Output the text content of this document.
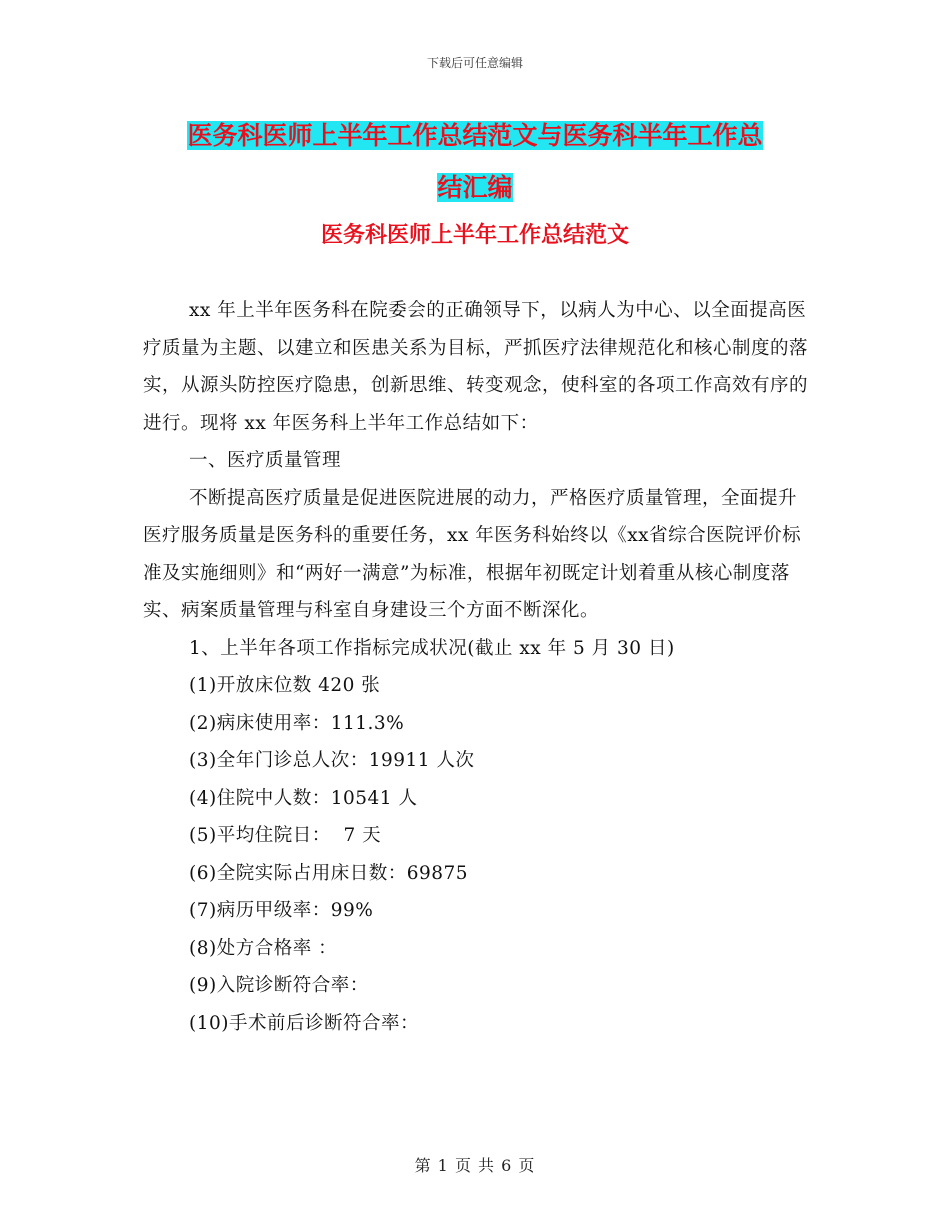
下载后可任意编辑
医务科医师上半年工作总结范文与医务科半年工作总
结汇编
医务科医师上半年工作总结范文

xx 年上半年医务科在院委会的正确领导下，以病人为中心、以全面提高医疗质量为主题、以建立和医患关系为目标，严抓医疗法律规范化和核心制度的落实，从源头防控医疗隐患，创新思维、转变观念，使科室的各项工作高效有序的进行。现将 xx 年医务科上半年工作总结如下：

一、医疗质量管理

不断提高医疗质量是促进医院进展的动力，严格医疗质量管理，全面提升医疗服务质量是医务科的重要任务，xx 年医务科始终以《xx省综合医院评价标准及实施细则》和“两好一满意”为标准，根据年初既定计划着重从核心制度落实、病案质量管理与科室自身建设三个方面不断深化。

1、上半年各项工作指标完成状况(截止 xx 年 5 月 30 日)

(1)开放床位数 420 张

(2)病床使用率：111.3%

(3)全年门诊总人次：19911 人次

(4)住院中人数：10541 人

(5)平均住院日：  7 天

(6)全院实际占用床日数：69875

(7)病历甲级率：99%

(8)处方合格率 ：

(9)入院诊断符合率：

(10)手术前后诊断符合率：

第 1 页 共 6 页
